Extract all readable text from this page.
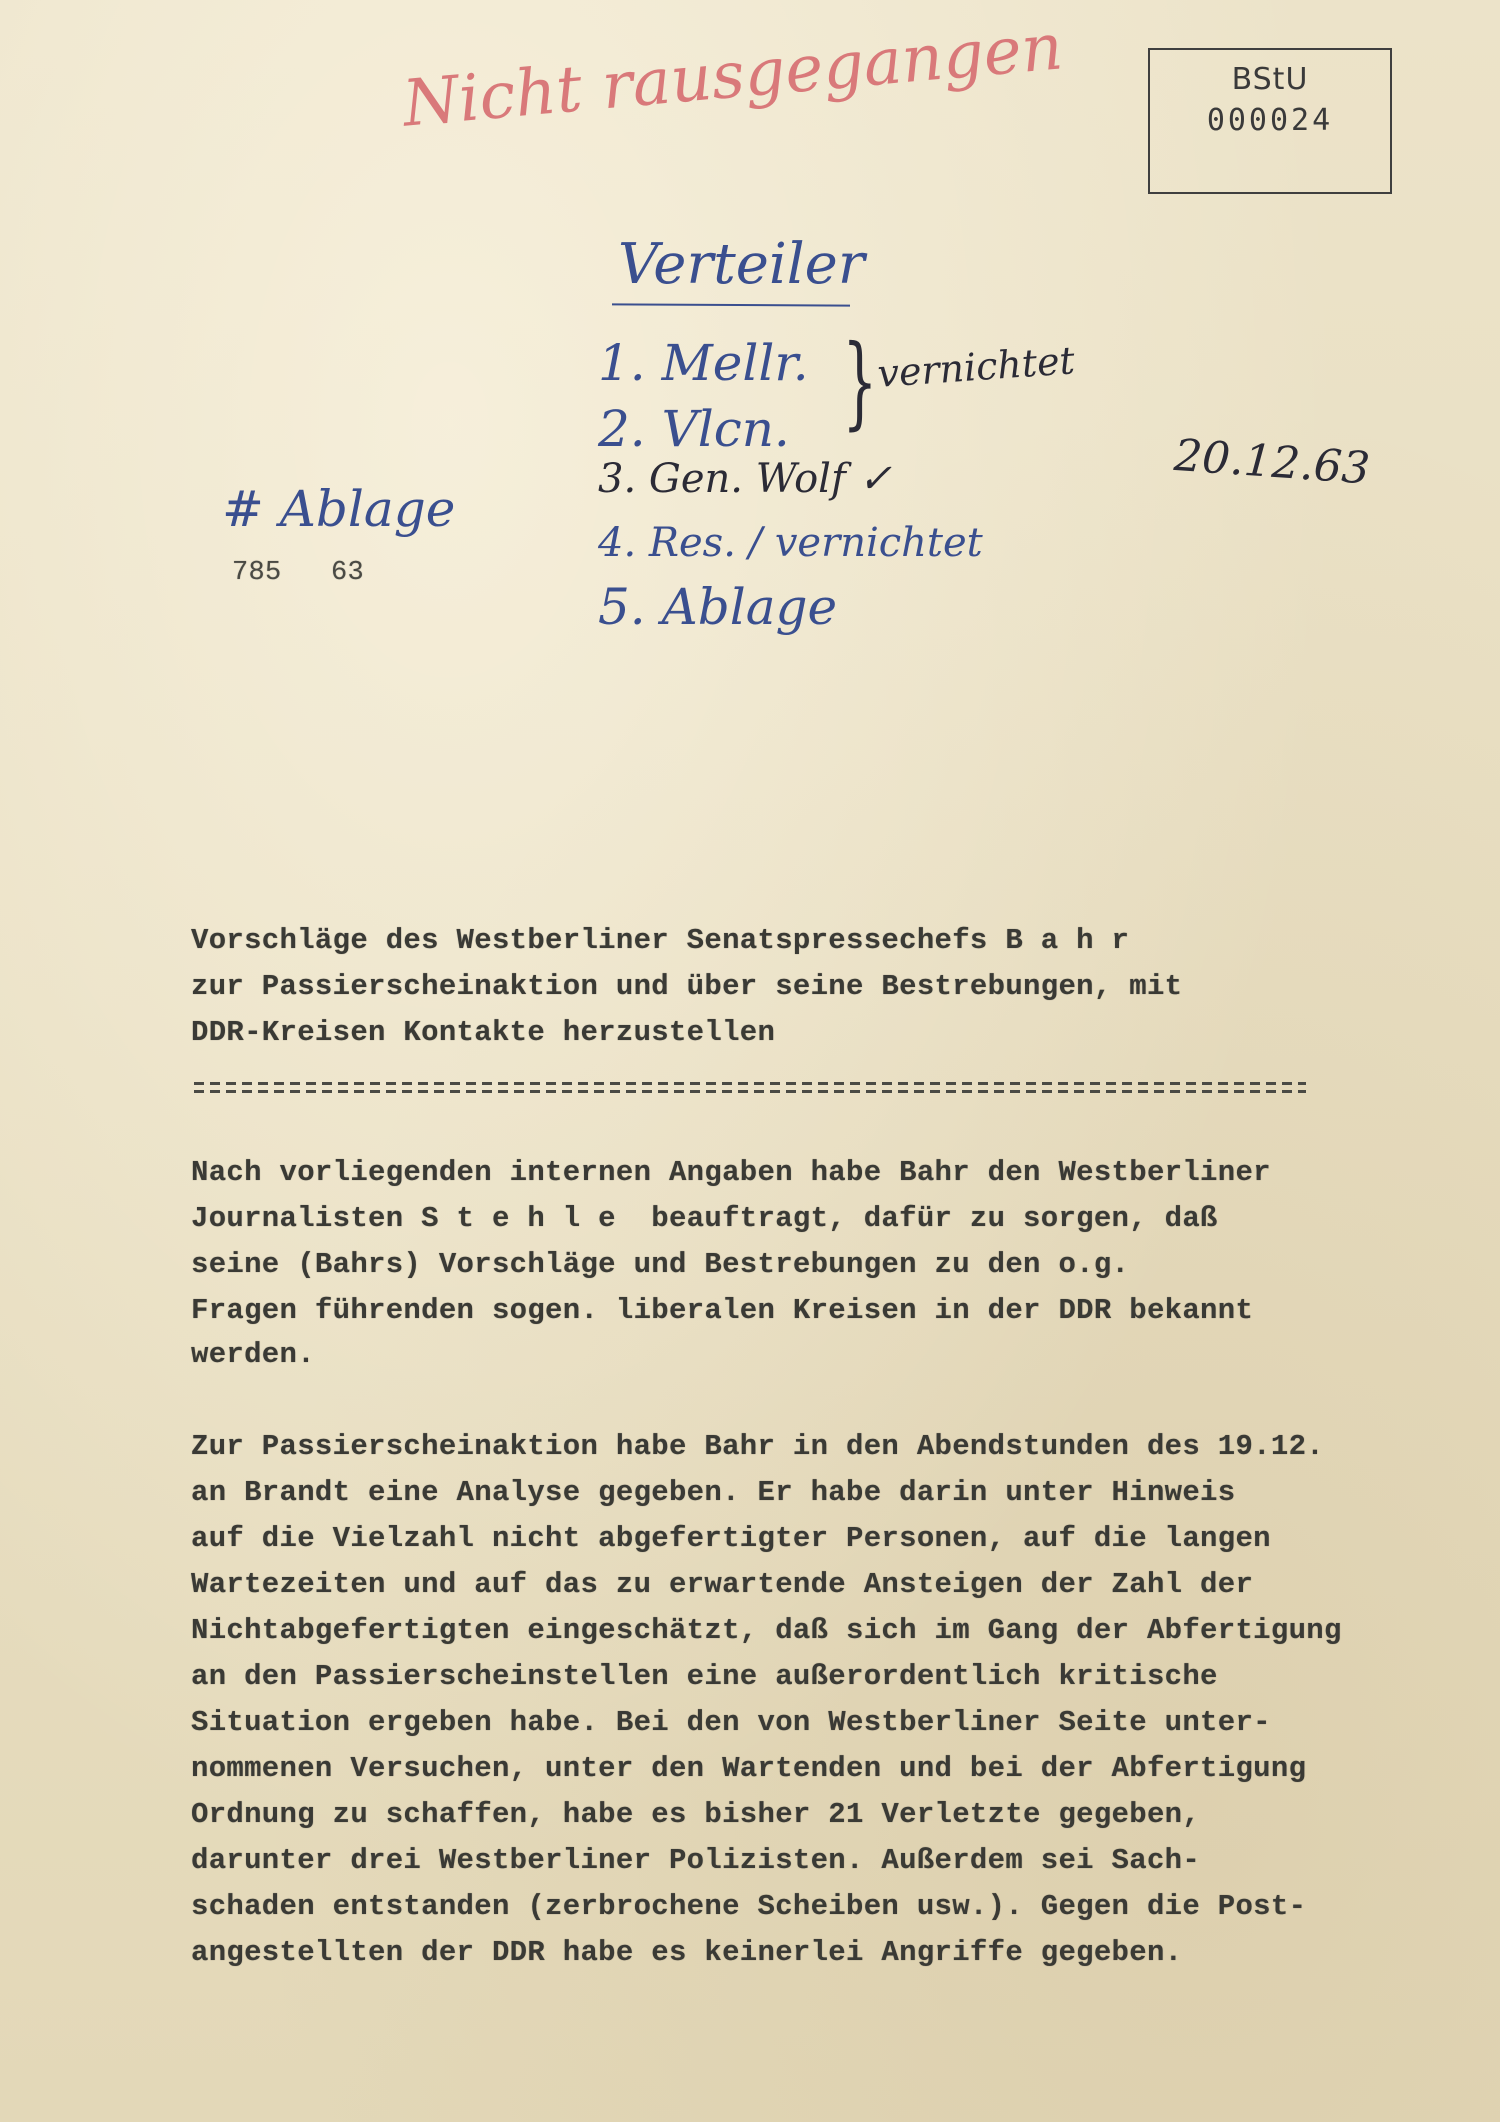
BStU
000024
Nicht rausgegangen
Verteiler
1. Mellr.
2. Vlcn.
3. Gen. Wolf ✓
4. Res. / vernichtet
5. Ablage
}
vernichtet
20.12.63
# Ablage
785   63
Vorschläge des Westberliner Senatspressechefs B a h r
zur Passierscheinaktion und über seine Bestrebungen, mit
DDR-Kreisen Kontakte herzustellen
Nach vorliegenden internen Angaben habe Bahr den Westberliner
Journalisten S t e h l e  beauftragt, dafür zu sorgen, daß
seine (Bahrs) Vorschläge und Bestrebungen zu den o.g.
Fragen führenden sogen. liberalen Kreisen in der DDR bekannt
werden.
Zur Passierscheinaktion habe Bahr in den Abendstunden des 19.12.
an Brandt eine Analyse gegeben. Er habe darin unter Hinweis
auf die Vielzahl nicht abgefertigter Personen, auf die langen
Wartezeiten und auf das zu erwartende Ansteigen der Zahl der
Nichtabgefertigten eingeschätzt, daß sich im Gang der Abfertigung
an den Passierscheinstellen eine außerordentlich kritische
Situation ergeben habe. Bei den von Westberliner Seite unter-
nommenen Versuchen, unter den Wartenden und bei der Abfertigung
Ordnung zu schaffen, habe es bisher 21 Verletzte gegeben,
darunter drei Westberliner Polizisten. Außerdem sei Sach-
schaden entstanden (zerbrochene Scheiben usw.). Gegen die Post-
angestellten der DDR habe es keinerlei Angriffe gegeben.
